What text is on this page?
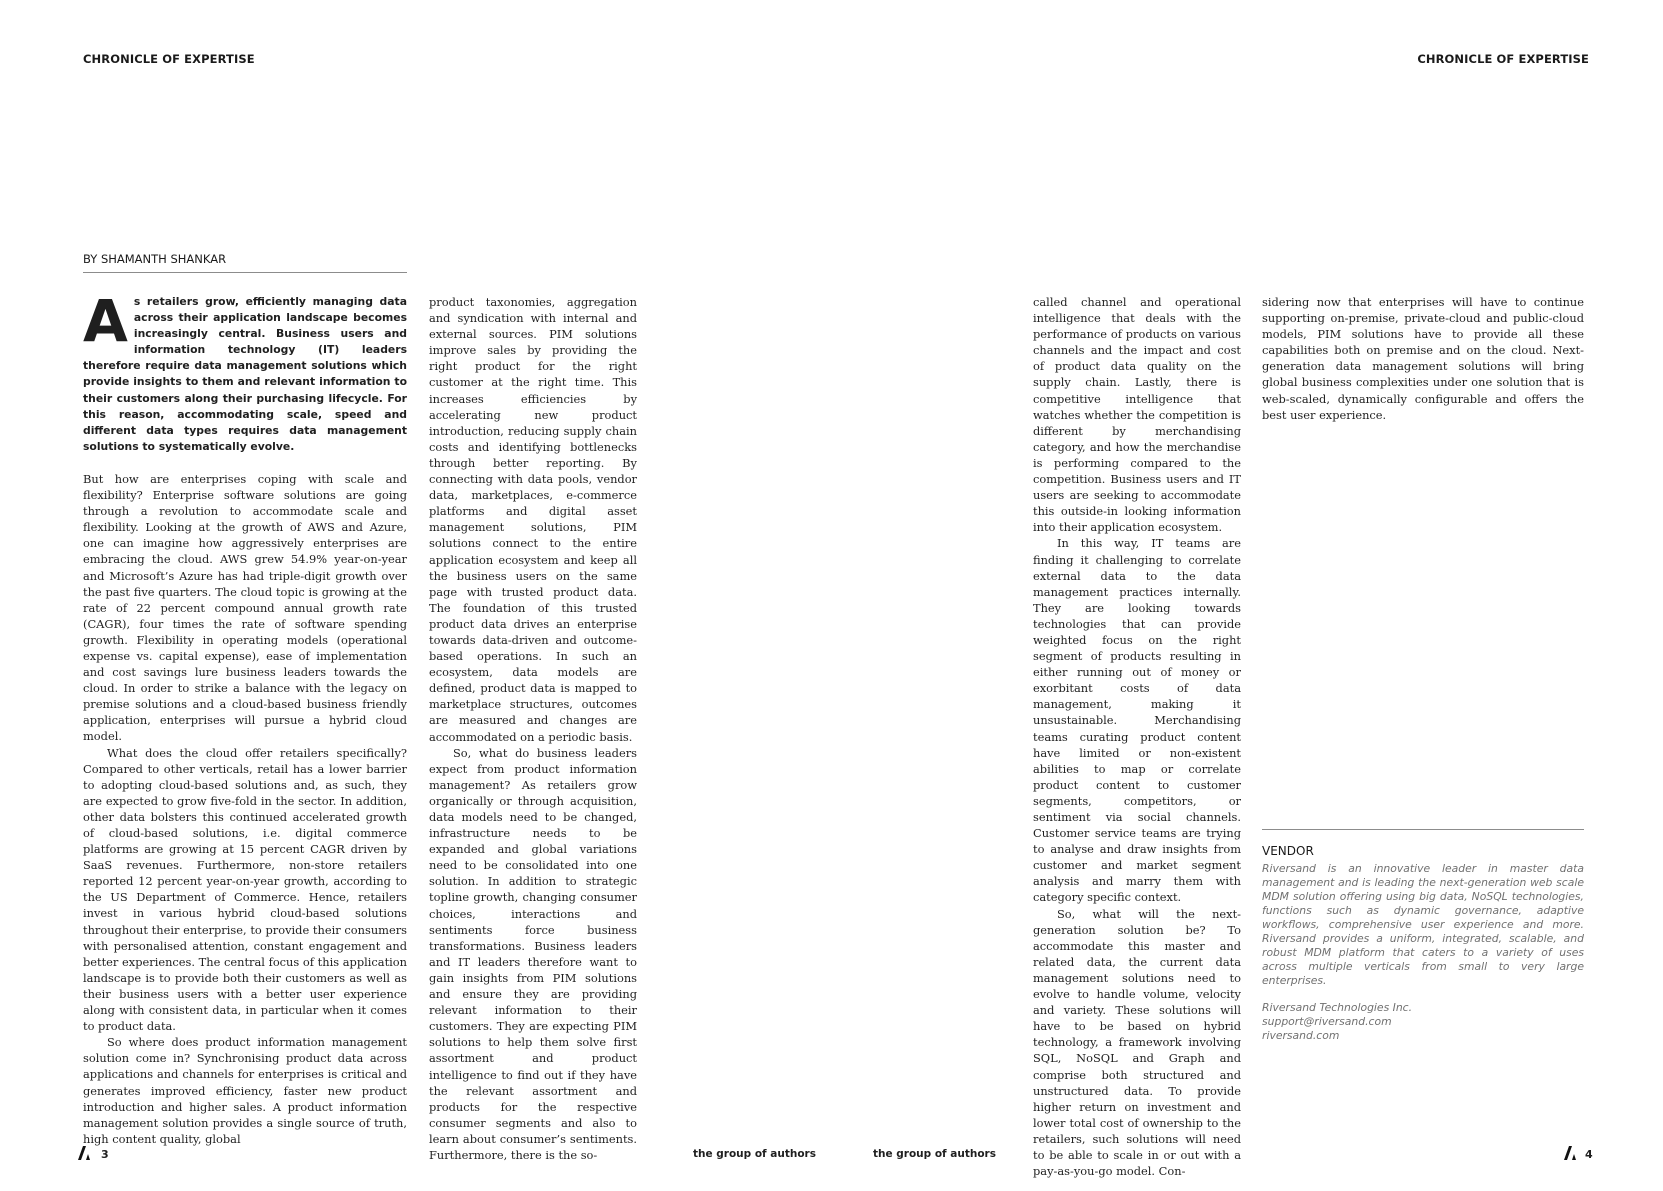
CHRONICLE OF EXPERTISE	CHRONICLE OF EXPERTISE
BY SHAMANTH SHANKAR

As retailers grow, efficiently managing data across their application landscape becomes increasingly central. Business users and information technology (IT) leaders therefore require data management solutions which provide insights to them and relevant information to their customers along their purchasing lifecycle. For this reason, accommodating scale, speed and different data types requires data management solutions to systematically evolve.

But how are enterprises coping with scale and flexibility? Enterprise software solutions are going through a revolution to accommodate scale and flexibility. Looking at the growth of AWS and Azure, one can imagine how aggressively enterprises are embracing the cloud. AWS grew 54.9% year-on-year and Microsoft’s Azure has had triple-digit growth over the past five quarters. The cloud topic is growing at the rate of 22 percent compound annual growth rate (CAGR), four times the rate of software spending growth. Flexibility in operating models (operational expense vs. capital expense), ease of implementation and cost savings lure business leaders towards the cloud. In order to strike a balance with the legacy on premise solutions and a cloud-based business friendly application, enterprises will pursue a hybrid cloud model.

What does the cloud offer retailers specifically? Compared to other verticals, retail has a lower barrier to adopting cloud-based solutions and, as such, they are expected to grow five-fold in the sector. In addition, other data bolsters this continued accelerated growth of cloud-based solutions, i.e. digital commerce platforms are growing at 15 percent CAGR driven by SaaS revenues. Furthermore, non-store retailers reported 12 percent year-on-year growth, according to the US Department of Commerce. Hence, retailers invest in various hybrid cloud-based solutions throughout their enterprise, to provide their consumers with personalised attention, constant engagement and better experiences. The central focus of this application landscape is to provide both their customers as well as their business users with a better user experience along with consistent data, in particular when it comes to product data.

So where does product information management solution come in? Synchronising product data across applications and channels for enterprises is critical and generates improved efficiency, faster new product introduction and higher sales. A product information management solution provides a single source of truth, high content quality, global

product taxonomies, aggregation and syndication with internal and external sources. PIM solutions improve sales by providing the right product for the right customer at the right time. This increases efficiencies by accelerating new product introduction, reducing supply chain costs and identifying bottlenecks through better reporting. By connecting with data pools, vendor data, marketplaces, e-commerce platforms and digital asset management solutions, PIM solutions connect to the entire application ecosystem and keep all the business users on the same page with trusted product data. The foundation of this trusted product data drives an enterprise towards data-driven and outcome-based operations. In such an ecosystem, data models are defined, product data is mapped to marketplace structures, outcomes are measured and changes are accommodated on a periodic basis.

So, what do business leaders expect from product information management? As retailers grow organically or through acquisition, data models need to be changed, infrastructure needs to be expanded and global variations need to be consolidated into one solution. In addition to strategic topline growth, changing consumer choices, interactions and sentiments force business transformations. Business leaders and IT leaders therefore want to gain insights from PIM solutions and ensure they are providing relevant information to their customers. They are expecting PIM solutions to help them solve first assortment and product intelligence to find out if they have the relevant assortment and products for the respective consumer segments and also to learn about consumer’s sentiments. Furthermore, there is the so-

called channel and operational intelligence that deals with the performance of products on various channels and the impact and cost of product data quality on the supply chain. Lastly, there is competitive intelligence that watches whether the competition is different by merchandising category, and how the merchandise is performing compared to the competition. Business users and IT users are seeking to accommodate this outside-in looking information into their application ecosystem.

In this way, IT teams are finding it challenging to correlate external data to the data management practices internally. They are looking towards technologies that can provide weighted focus on the right segment of products resulting in either running out of money or exorbitant costs of data management, making it unsustainable. Merchandising teams curating product content have limited or non-existent abilities to map or correlate product content to customer segments, competitors, or sentiment via social channels. Customer service teams are trying to analyse and draw insights from customer and market segment analysis and marry them with category specific context.

So, what will the next-generation solution be? To accommodate this master and related data, the current data management solutions need to evolve to handle volume, velocity and variety. These solutions will have to be based on hybrid technology, a framework involving SQL, NoSQL and Graph and comprise both structured and unstructured data. To provide higher return on investment and lower total cost of ownership to the retailers, such solutions will need to be able to scale in or out with a pay-as-you-go model. Con-

sidering now that enterprises will have to continue supporting on-premise, private-cloud and public-cloud models, PIM solutions have to provide all these capabilities both on premise and on the cloud. Next-generation data management solutions will bring global business complexities under one solution that is web-scaled, dynamically configurable and offers the best user experience.

VENDOR

Riversand is an innovative leader in master data management and is leading the next-generation web scale MDM solution offering using big data, NoSQL technologies, functions such as dynamic governance, adaptive workflows, comprehensive user experience and more. Riversand provides a uniform, integrated, scalable, and robust MDM platform that caters to a variety of uses across multiple verticals from small to very large enterprises.

Riversand Technologies Inc.
support@riversand.com
riversand.com
3	the group of authors	the group of authors	4
